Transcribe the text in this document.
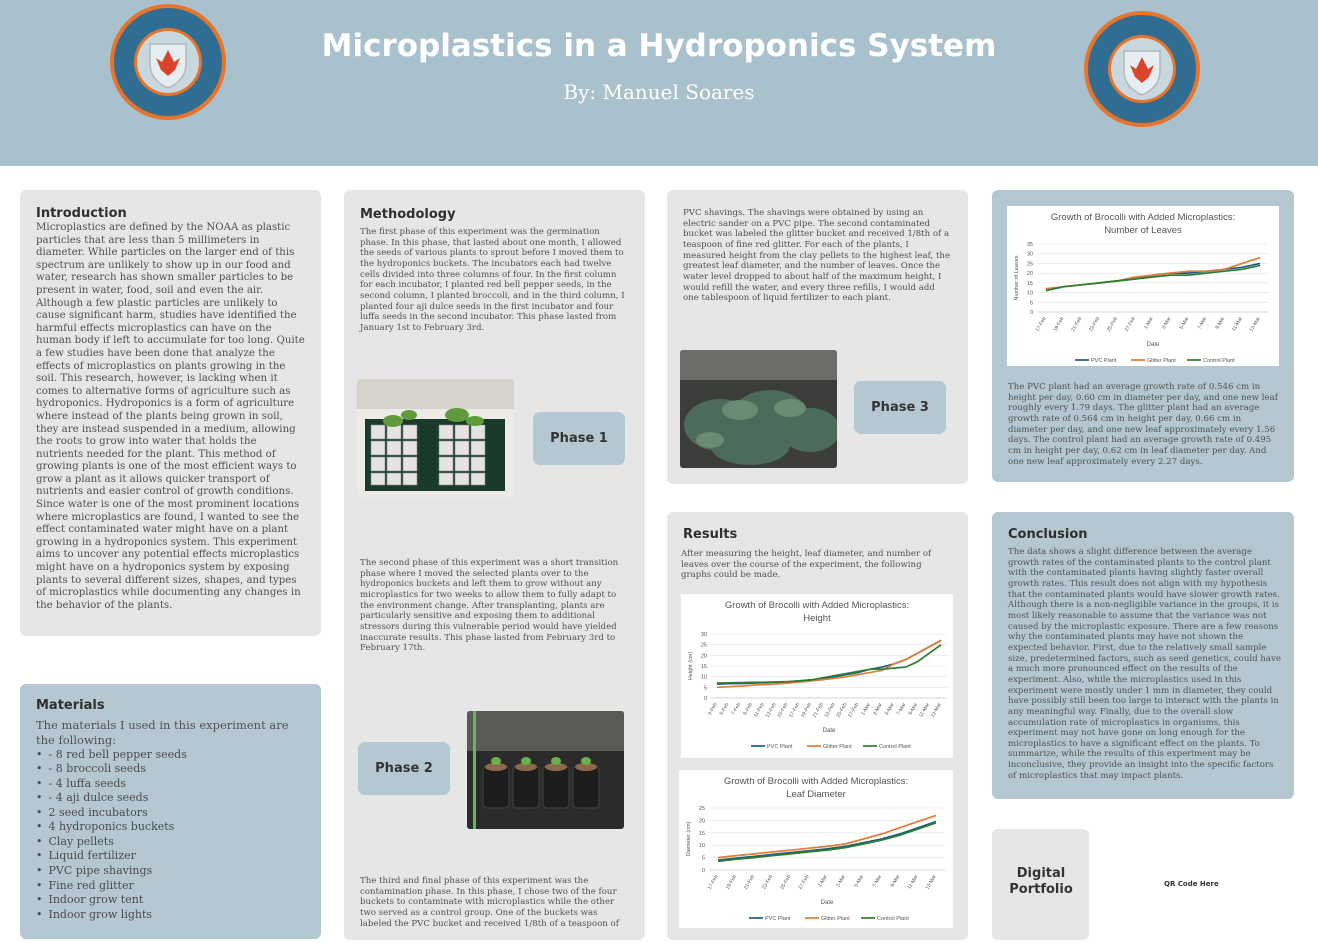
Microplastics in a Hydroponics System
By: Manuel Soares
Introduction
Microplastics are defined by the NOAA as plastic particles that are less than 5 millimeters in diameter. While particles on the larger end of this spectrum are unlikely to show up in our food and water, research has shown smaller particles to be present in water, food, soil and even the air. Although a few plastic particles are unlikely to cause significant harm, studies have identified the harmful effects microplastics can have on the human body if left to accumulate for too long. Quite a few studies have been done that analyze the effects of microplastics on plants growing in the soil. This research, however, is lacking when it comes to alternative forms of agriculture such as hydroponics. Hydroponics is a form of agriculture where instead of the plants being grown in soil, they are instead suspended in a medium, allowing the roots to grow into water that holds the nutrients needed for the plant. This method of growing plants is one of the most efficient ways to grow a plant as it allows quicker transport of nutrients and easier control of growth conditions. Since water is one of the most prominent locations where microplastics are found, I wanted to see the effect contaminated water might have on a plant growing in a hydroponics system. This experiment aims to uncover any potential effects microplastics might have on a hydroponics system by exposing plants to several different sizes, shapes, and types of microplastics while documenting any changes in the behavior of the plants.
Materials
The materials I used in this experiment are the following:
• - 8 red bell pepper seeds
• - 8 broccoli seeds
• - 4 luffa seeds
• - 4 aji dulce seeds
• 2 seed incubators
• 4 hydroponics buckets
• Clay pellets
• Liquid fertilizer
• PVC pipe shavings
• Fine red glitter
• Indoor grow tent
• Indoor grow lights
Methodology
The first phase of this experiment was the germination phase. In this phase, that lasted about one month, I allowed the seeds of various plants to sprout before I moved them to the hydroponics buckets. The incubators each had twelve cells divided into three columns of four. In the first column for each incubator, I planted red bell pepper seeds, in the second column, I planted broccoli, and in the third column, I planted four aji dulce seeds in the first incubator and four luffa seeds in the second incubator. This phase lasted from January 1st to February 3rd.
The second phase of this experiment was a short transition phase where I moved the selected plants over to the hydroponics buckets and left them to grow without any microplastics for two weeks to allow them to fully adapt to the environment change. After transplanting, plants are particularly sensitive and exposing them to additional stressors during this vulnerable period would have yielded inaccurate results. This phase lasted from February 3rd to February 17th.
The third and final phase of this experiment was the contamination phase. In this phase, I chose two of the four buckets to contaminate with microplastics while the other two served as a control group. One of the buckets was labeled the PVC bucket and received 1/8th of a teaspoon of
Phase 1
Phase 2
PVC shavings. The shavings were obtained by using an electric sander on a PVC pipe. The second contaminated bucket was labeled the glitter bucket and received 1/8th of a teaspoon of fine red glitter. For each of the plants, I measured height from the clay pellets to the highest leaf, the greatest leaf diameter, and the number of leaves. Once the water level dropped to about half of the maximum height, I would refill the water, and every three refills, I would add one tablespoon of liquid fertilizer to each plant.
Phase 3
Results
After measuring the height, leaf diameter, and number of leaves over the course of the experiment, the following graphs could be made.
Growth of Brocolli with Added Microplastics:
Height
0
5
10
15
20
25
30
3-Feb 5-Feb 7-Feb 9-Feb
11-Feb
13-Feb
15-Feb
17-Feb
19-Feb
21-Feb
23-Feb
25-Feb
27-Feb 1-Mar 3-Mar 5-Mar 7-Mar 9-Mar
11-Mar
13-Mar
Height (cm)
Date
PVC Plant	Glitter Plant	Control Plant
Growth of Brocolli with Added Microplastics:
Leaf Diameter
0
5
10
15
20
25
17-Feb 19-Feb 21-Feb 23-Feb 25-Feb 27-Feb 1-Mar 3-Mar 5-Mar 7-Mar 9-Mar 11-Mar 13-Mar
Diameter (cm)
Date
PVC Plant	Glitter Plant	Control Plant
The PVC plant had an average growth rate of 0.546 cm in height per day, 0.60 cm in diameter per day, and one new leaf roughly every 1.79 days. The glitter plant had an average growth rate of 0.564 cm in height per day, 0.66 cm in diameter per day, and one new leaf approximately every 1.56 days. The control plant had an average growth rate of 0.495 cm in height per day, 0.62 cm in leaf diameter per day. And one new leaf approximately every 2.27 days.
Growth of Brocolli with Added Microplastics:
Number of Leaves
0
5
10
15
20
25
30
35
17-Feb 19-Feb 21-Feb 23-Feb 25-Feb 27-Feb 1-Mar 3-Mar 5-Mar 7-Mar 9-Mar 11-Mar 13-Mar
Number of Leaves
Date
PVC Plant	Glitter Plant	Control Plant
Conclusion
The data shows a slight difference between the average growth rates of the contaminated plants to the control plant with the contaminated plants having slightly faster overall growth rates. This result does not align with my hypothesis that the contaminated plants would have slower growth rates. Although there is a non-negligible variance in the groups, it is most likely reasonable to assume that the variance was not caused by the microplastic exposure. There are a few reasons why the contaminated plants may have not shown the expected behavior. First, due to the relatively small sample size, predetermined factors, such as seed genetics, could have a much more pronounced effect on the results of the experiment. Also, while the microplastics used in this experiment were mostly under 1 mm in diameter, they could have possibly still been too large to interact with the plants in any meaningful way. Finally, due to the overall slow accumulation rate of microplastics in organisms, this experiment may not have gone on long enough for the microplastics to have a significant effect on the plants. To summarize, while the results of this experiment may be inconclusive, they provide an insight into the specific factors of microplastics that may impact plants.
Digital Portfolio	QR Code Here
